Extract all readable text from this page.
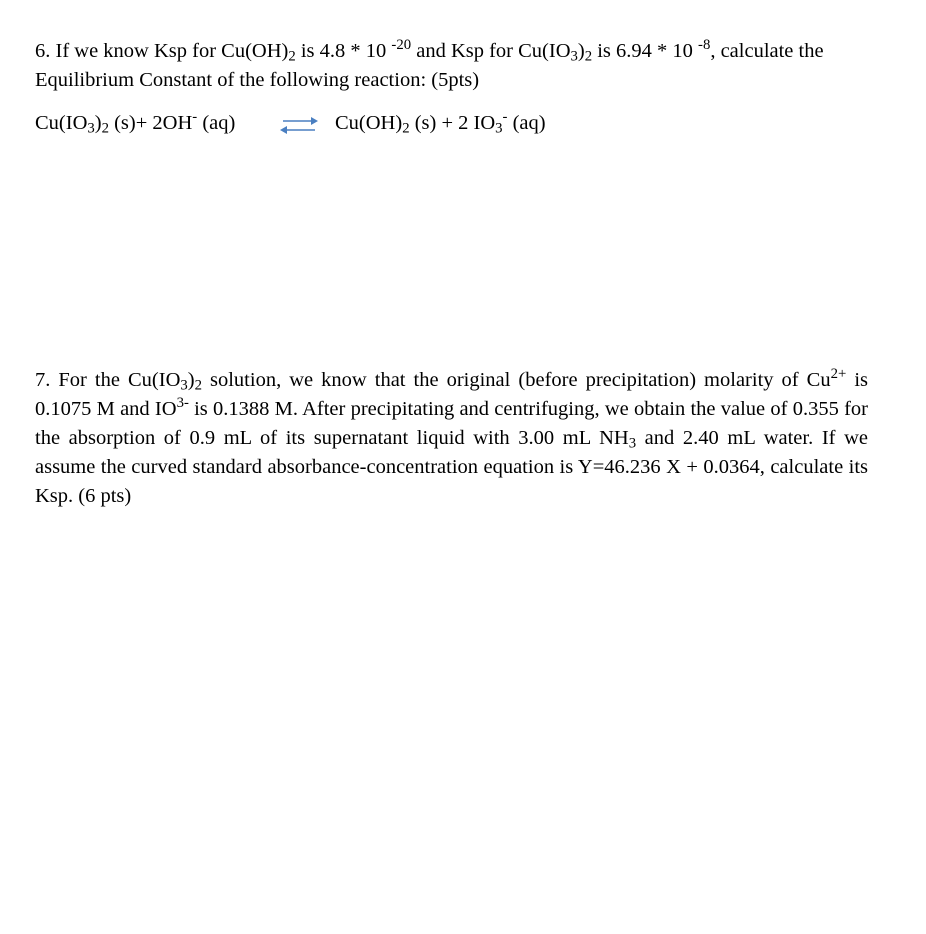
6. If we know Ksp for $Cu(OH)_2$ is 4.8 * 10 $^{-20}$ and Ksp for $Cu(IO_3)_2$ is 6.94 * 10 $^{-8}$, calculate the Equilibrium Constant of the following reaction: (5pts)

$Cu(IO_3)_2$ (s)+ 2OH- (aq) ⇌ $Cu(OH)_2$ (s) + 2 $IO_3^-$ (aq)

7. For the $Cu(IO_3)_2$ solution, we know that the original (before precipitation) molarity of $Cu^{2+}$ is 0.1075 M and $IO^{3-}$ is 0.1388 M. After precipitating and centrifuging, we obtain the value of 0.355 for the absorption of 0.9 mL of its supernatant liquid with 3.00 mL $NH_3$ and 2.40 mL water. If we assume the curved standard absorbance-concentration equation is Y=46.236 X + 0.0364, calculate its Ksp. (6 pts)
